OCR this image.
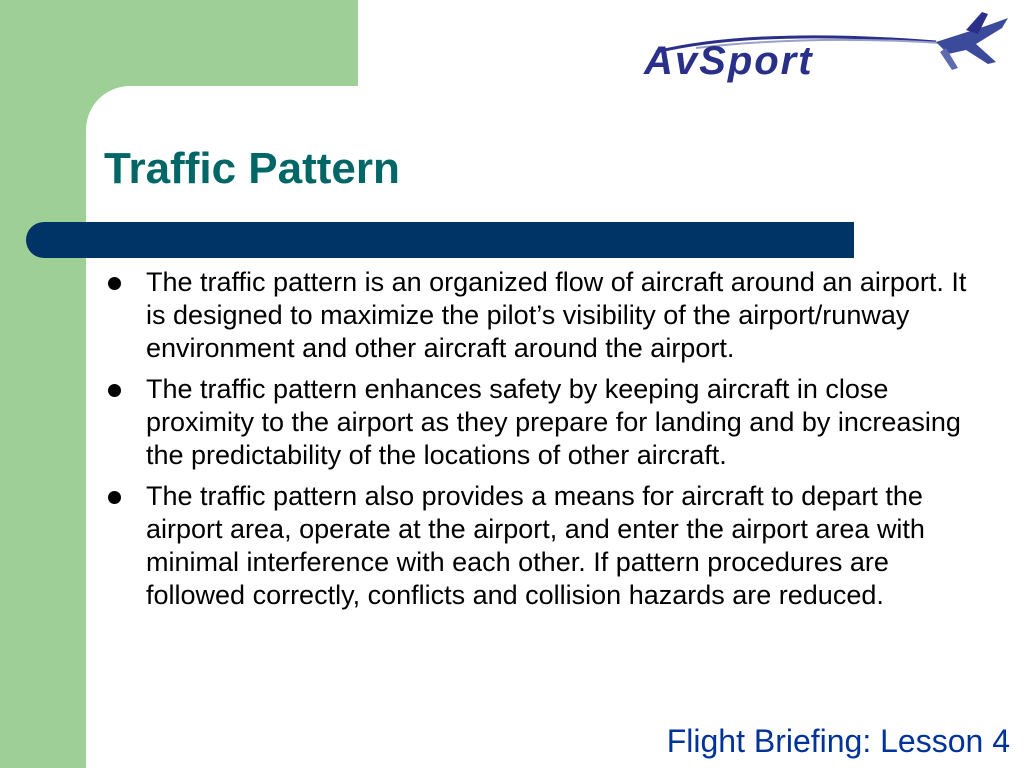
AvSport
Traffic Pattern
The traffic pattern is an organized flow of aircraft around an airport. It is designed to maximize the pilot’s visibility of the airport/runway environment and other aircraft around the airport.
The traffic pattern enhances safety by keeping aircraft in close proximity to the airport as they prepare for landing and by increasing the predictability of the locations of other aircraft.
The traffic pattern also provides a means for aircraft to depart the airport area, operate at the airport, and enter the airport area with minimal interference with each other. If pattern procedures are followed correctly, conflicts and collision hazards are reduced.
Flight Briefing: Lesson 4
